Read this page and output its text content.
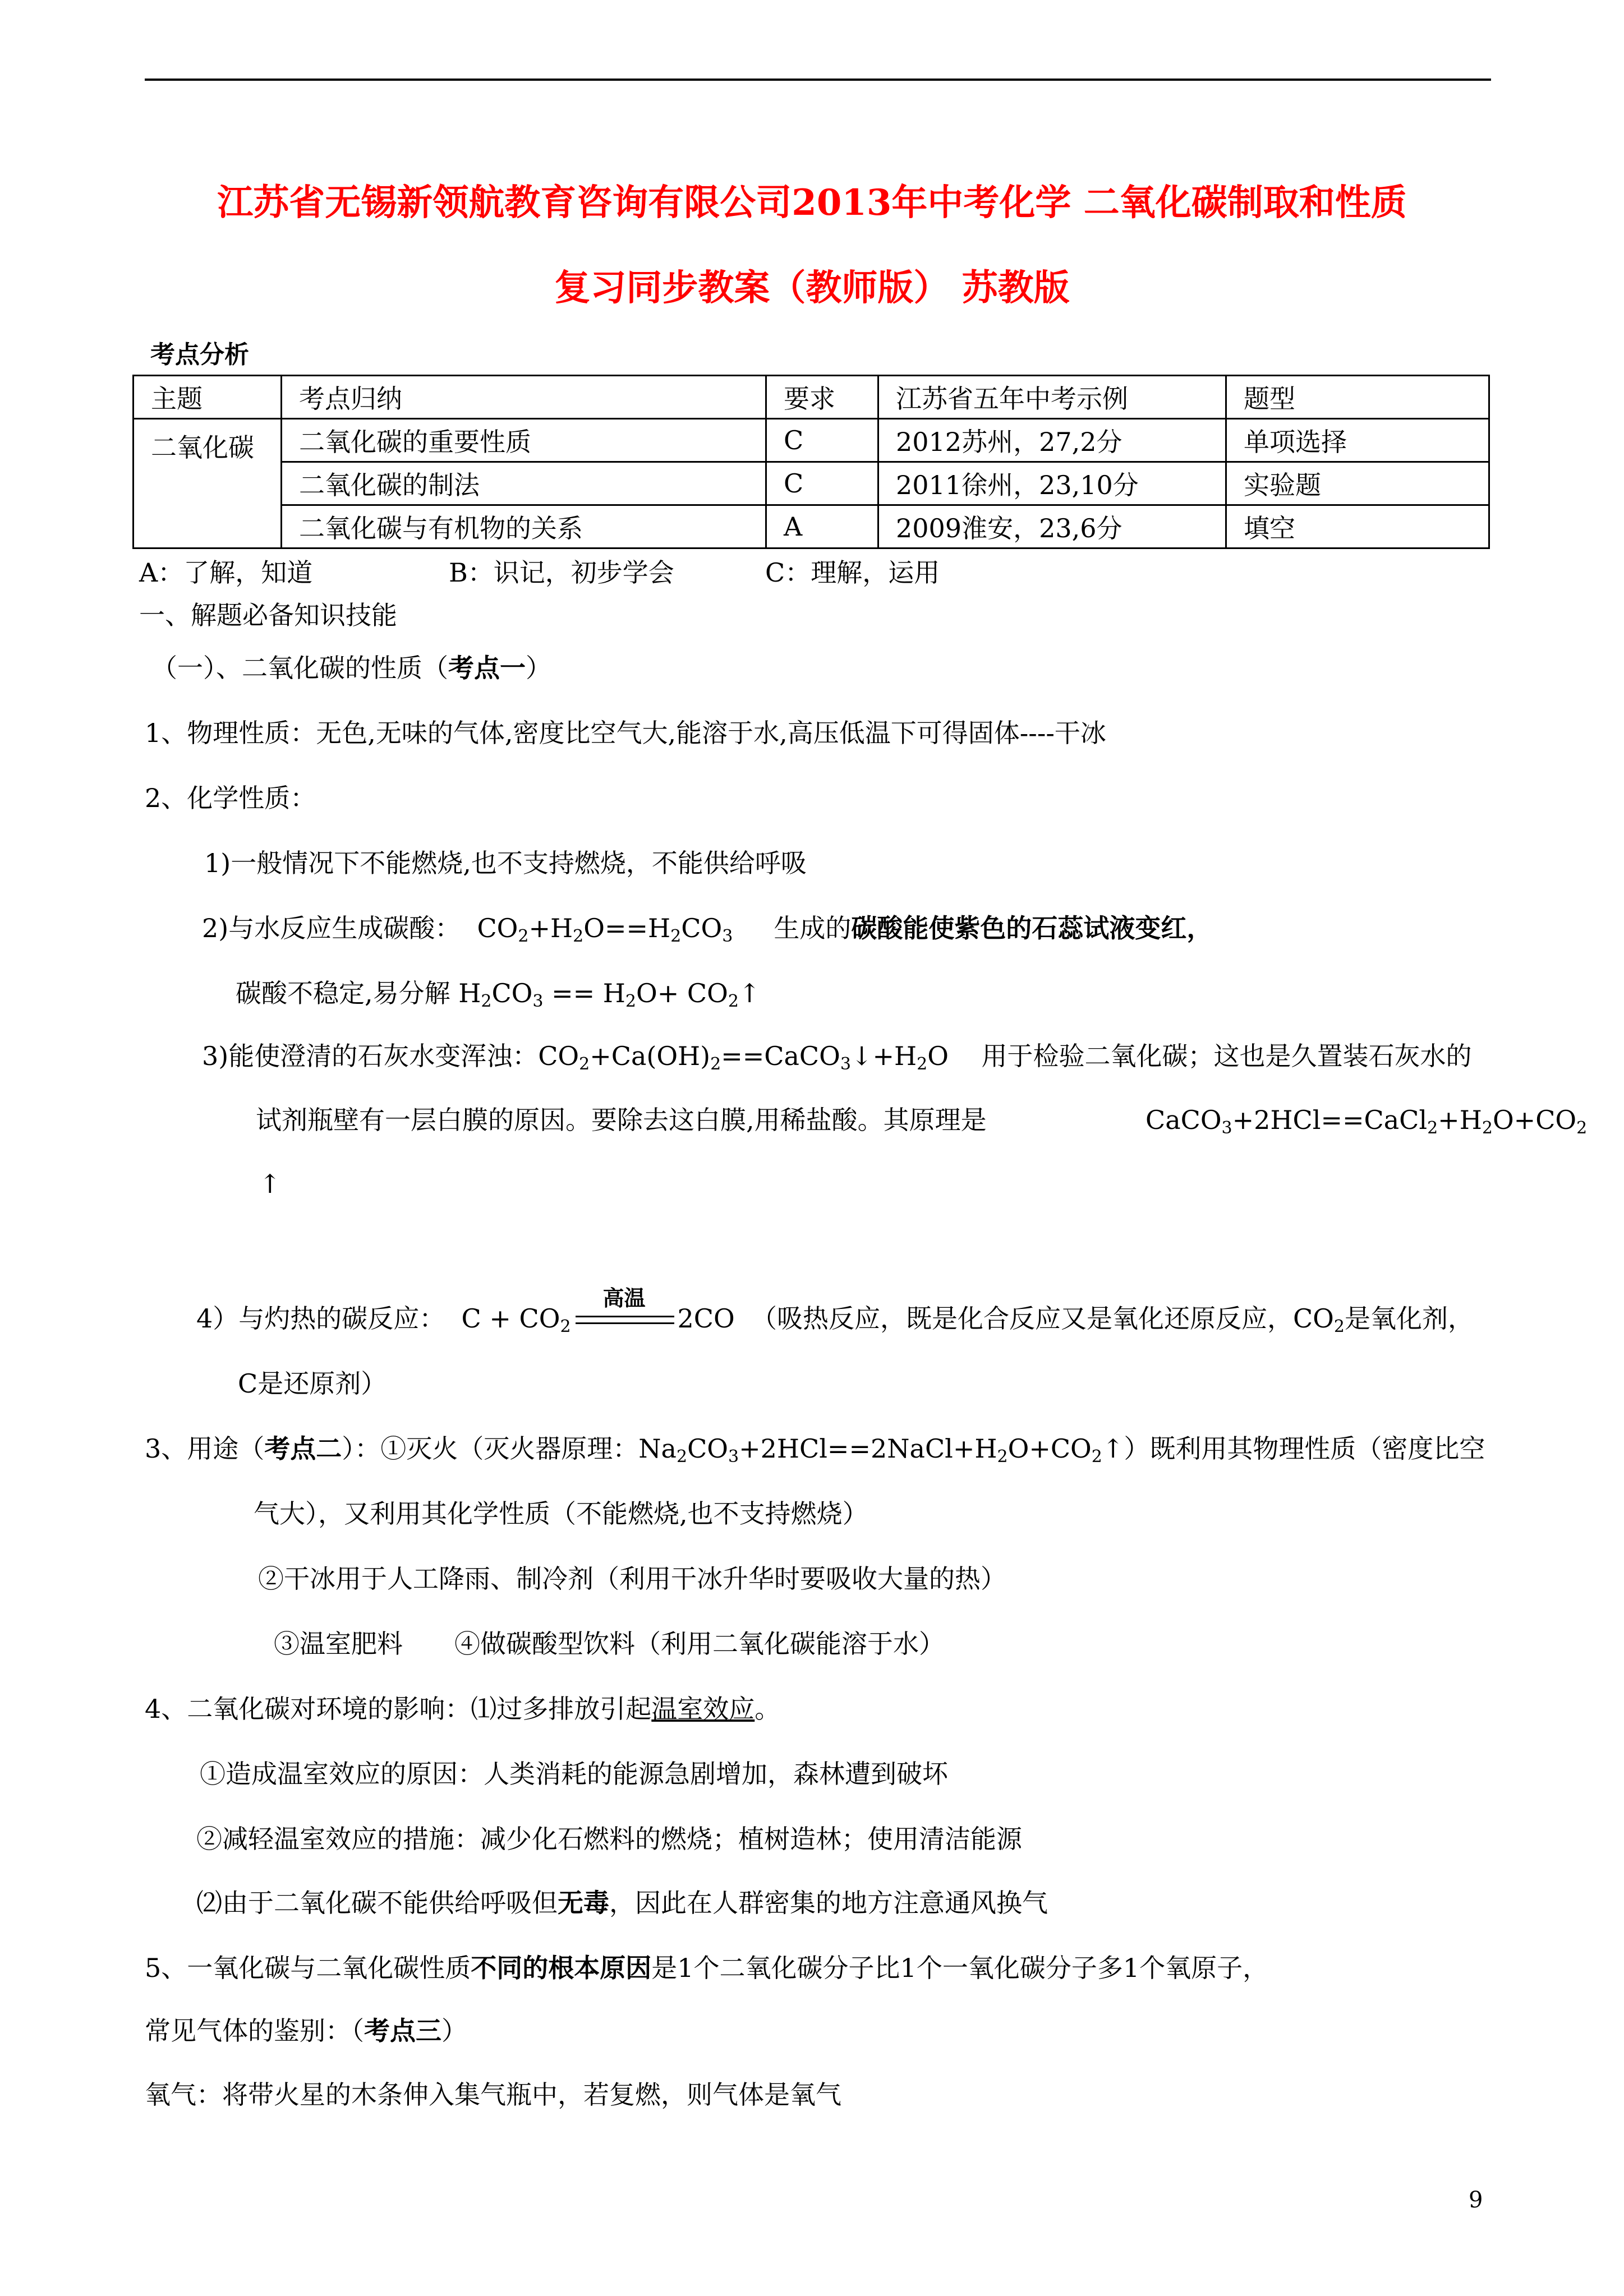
江苏省无锡新领航教育咨询有限公司2013年中考化学 二氧化碳制取和性质
复习同步教案（教师版） 苏教版
考点分析
主题	考点归纳	要求	江苏省五年中考示例	题型
二氧化碳	二氧化碳的重要性质	C	2012苏州，27,2分	单项选择
	二氧化碳的制法	C	2011徐州，23,10分	实验题
	二氧化碳与有机物的关系	A	2009淮安，23,6分	填空
A：了解，知道	B：识记，初步学会	C：理解，运用
一、解题必备知识技能
（一）、二氧化碳的性质（考点一）
1、物理性质：无色,无味的气体,密度比空气大,能溶于水,高压低温下可得固体----干冰
2、化学性质：
1)一般情况下不能燃烧,也不支持燃烧，不能供给呼吸
2)与水反应生成碳酸： $CO_2+H_2O==H_2CO_3$ 生成的碳酸能使紫色的石蕊试液变红，
碳酸不稳定,易分解 $H_2CO_3 == H_2O+$ $CO_2↑$
3)能使澄清的石灰水变浑浊：$CO_2+Ca(OH)_2==CaCO_3↓+H_2O$ 用于检验二氧化碳；这也是久置装石灰水的
试剂瓶壁有一层白膜的原因。要除去这白膜,用稀盐酸。其原理是	$CaCO_3+2HCl==CaCl_2+H_2O+CO_2$
↑
4）与灼热的碳反应： $C + CO_2$
高温
2CO （吸热反应，既是化合反应又是氧化还原反应，$CO_2$是氧化剂，
C是还原剂）
3、用途（考点二）：①灭火（灭火器原理：$Na_2CO_3+2HCl==2NaCl+H_2O+CO_2↑$）既利用其物理性质（密度比空
气大），又利用其化学性质（不能燃烧,也不支持燃烧）
②干冰用于人工降雨、制冷剂（利用干冰升华时要吸收大量的热）
③温室肥料　　④做碳酸型饮料（利用二氧化碳能溶于水）
4、二氧化碳对环境的影响：⑴过多排放引起温室效应。
①造成温室效应的原因：人类消耗的能源急剧增加，森林遭到破坏
②减轻温室效应的措施：减少化石燃料的燃烧；植树造林；使用清洁能源
⑵由于二氧化碳不能供给呼吸但无毒，因此在人群密集的地方注意通风换气
5、一氧化碳与二氧化碳性质不同的根本原因是1个二氧化碳分子比1个一氧化碳分子多1个氧原子，
常见气体的鉴别：（考点三）
氧气：将带火星的木条伸入集气瓶中，若复燃，则气体是氧气
9
